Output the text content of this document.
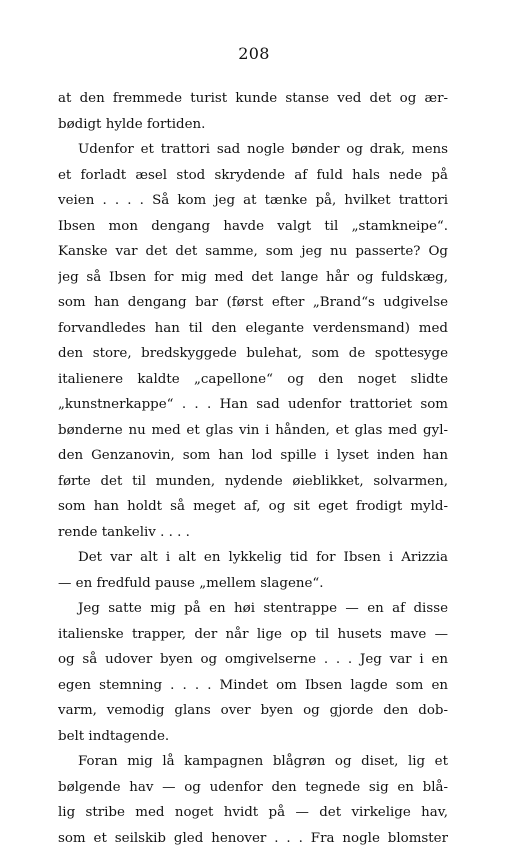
208
at den fremmede turist kunde stanse ved det og ær-
bødigt hylde fortiden.
Udenfor et trattori sad nogle bønder og drak, mens
et forladt æsel stod skrydende af fuld hals nede på
veien . . . . Så kom jeg at tænke på, hvilket trattori
Ibsen mon dengang havde valgt til „stamkneipe“.
Kanske var det det samme, som jeg nu passerte? Og
jeg så Ibsen for mig med det lange hår og fuldskæg,
som han dengang bar (først efter „Brand“s udgivelse
forvandledes han til den elegante verdensmand) med
den store, bredskyggede bulehat, som de spottesyge
italienere kaldte „capellone“ og den noget slidte
„kunstnerkappe“ . . . Han sad udenfor trattoriet som
bønderne nu med et glas vin i hånden, et glas med gyl-
den Genzanovin, som han lod spille i lyset inden han
førte det til munden, nydende øieblikket, solvarmen,
som han holdt så meget af, og sit eget frodigt myld-
rende tankeliv . . . .
Det var alt i alt en lykkelig tid for Ibsen i Arizzia
— en fredfuld pause „mellem slagene“.
Jeg satte mig på en høi stentrappe — en af disse
italienske trapper, der når lige op til husets mave —
og så udover byen og omgivelserne . . . Jeg var i en
egen stemning . . . . Mindet om Ibsen lagde som en
varm, vemodig glans over byen og gjorde den dob-
belt indtagende.
Foran mig lå kampagnen blågrøn og diset, lig et
bølgende hav — og udenfor den tegnede sig en blå-
lig stribe med noget hvidt på — det virkelige hav,
som et seilskib gled henover . . . Fra nogle blomster
